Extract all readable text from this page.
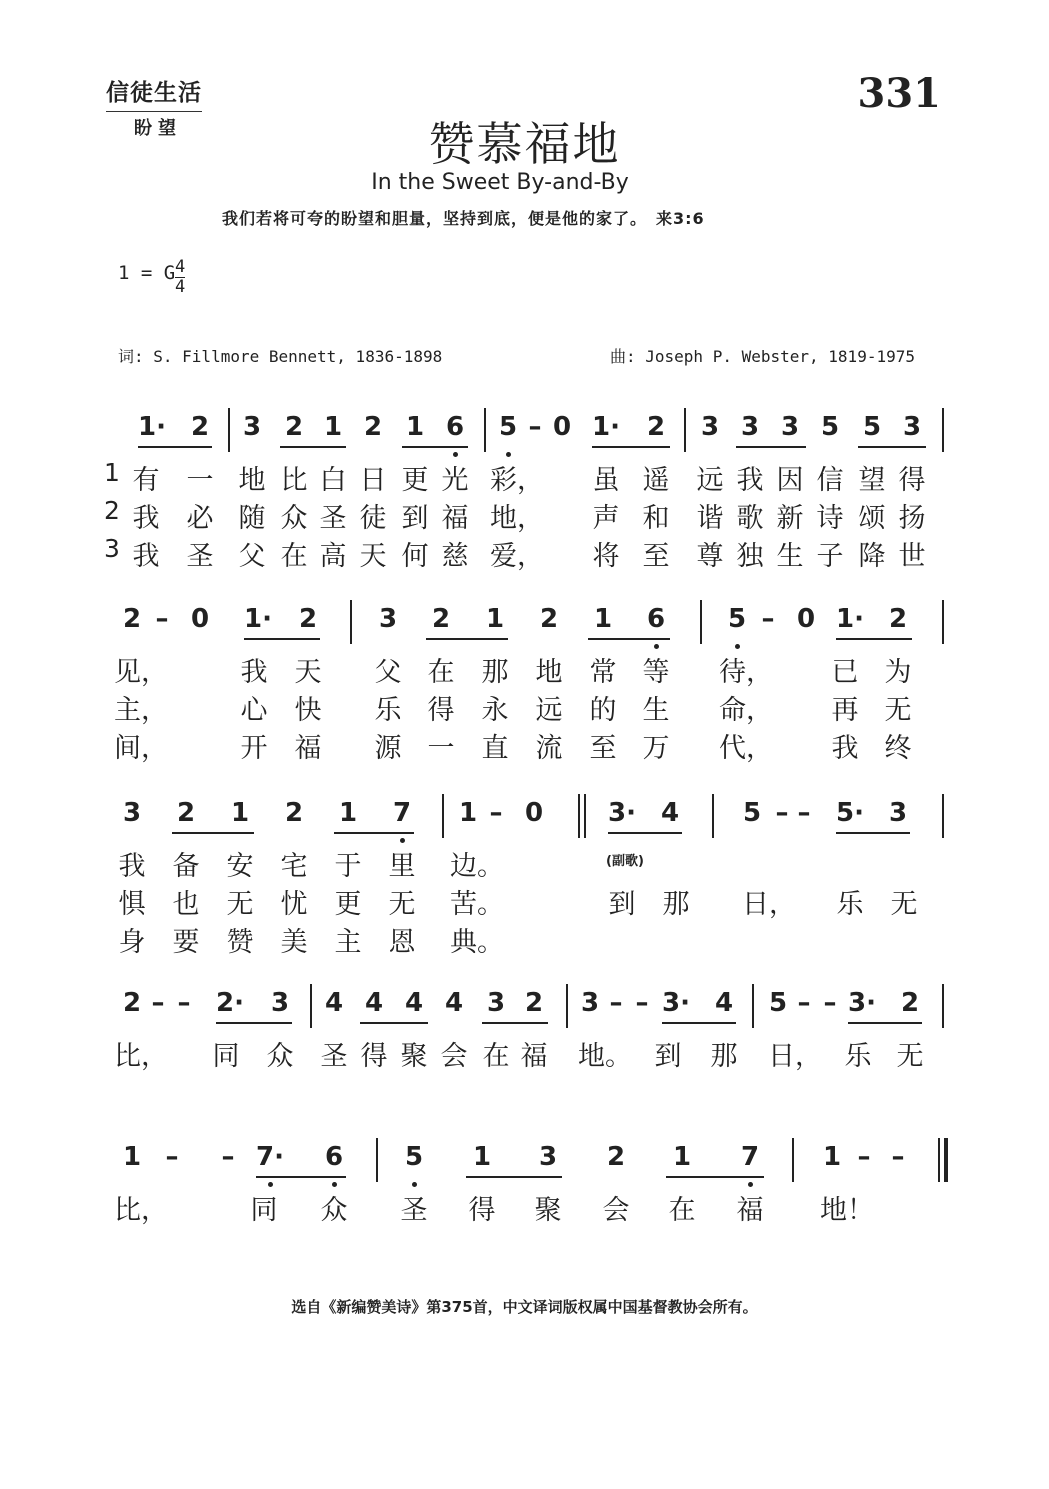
信徒生活
盼望
331
赞慕福地
In the Sweet By-and-By
我们若将可夸的盼望和胆量，坚持到底，便是他的家了。　来3:6
1 = G 4
4
词: S. Fillmore Bennett, 1836-1898	曲: Joseph P. Webster, 1819-1975
(副歌)
1· 2 3 2 1 2 1 6 5 – 0 1· 2 3 3 3 5 5 3
1 有 一 地 比 白 日 更 光 彩， 虽 遥 远 我 因 信 望 得
2 我 必 随 众 圣 徒 到 福 地， 声 和 谐 歌 新 诗 颂 扬
3 我 圣 父 在 高 天 何 慈 爱， 将 至 尊 独 生 子 降 世
2 – 0 1· 2 3 2 1 2 1 6 5 – 0 1· 2
见，	我 天 父 在 那 地 常 等 待， 已 为
主，	心 快 乐 得 永 远 的 生 命， 再 无
间，	开 福 源 一 直 流 至 万 代， 我 终
3 2 1 2 1 7 1 – 0 3· 4 5 – – 5· 3
我 备 安 宅 于 里 边。
惧 也 无 忧 更 无 苦。	到 那 日， 乐 无
身 要 赞 美 主 恩 典。
2 – – 2· 3 4 4 4 4 3 2 3 – – 3· 4 5 – – 3· 2
比， 同 众 圣 得 聚 会 在 福 地。 到 那 日， 乐 无
1 –	– 7· 6 5 1 3 2 1 7 1 – –
比，	同 众 圣 得 聚 会 在 福 地！
选自《新编赞美诗》第375首，中文译词版权属中国基督教协会所有。
